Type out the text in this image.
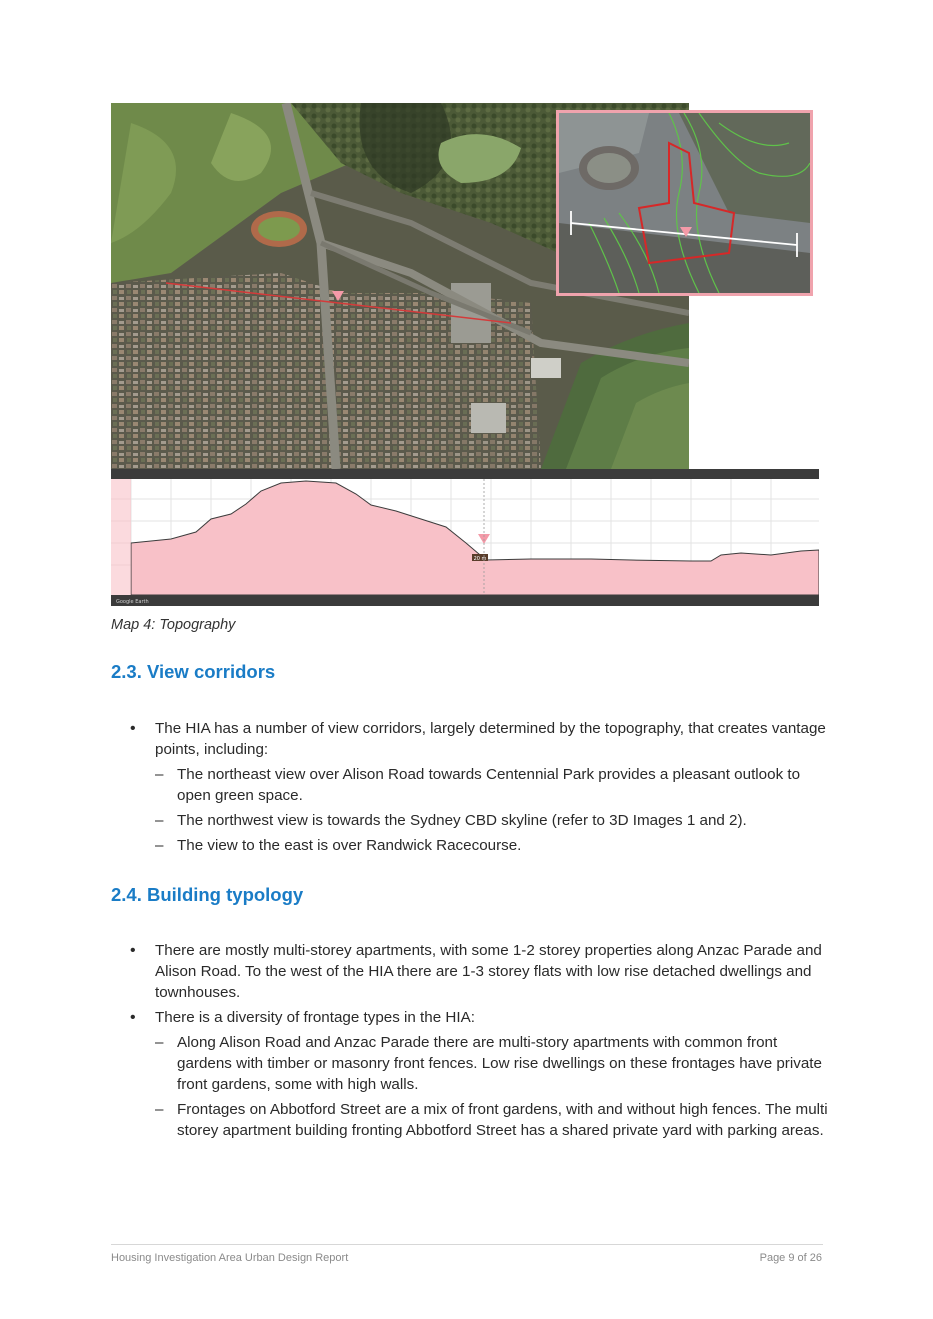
20 m
Google Earth
Map 4: Topography
2.3. View corridors
• The HIA has a number of view corridors, largely determined by the topography, that creates vantage points, including:
– The northeast view over Alison Road towards Centennial Park provides a pleasant outlook to open green space.
– The northwest view is towards the Sydney CBD skyline (refer to 3D Images 1 and 2).
– The view to the east is over Randwick Racecourse.
2.4. Building typology
• There are mostly multi-storey apartments, with some 1-2 storey properties along Anzac Parade and Alison Road. To the west of the HIA there are 1-3 storey flats with low rise detached dwellings and townhouses.
• There is a diversity of frontage types in the HIA:
– Along Alison Road and Anzac Parade there are multi-story apartments with common front gardens with timber or masonry front fences. Low rise dwellings on these frontages have private front gardens, some with high walls.
– Frontages on Abbotford Street are a mix of front gardens, with and without high fences. The multi storey apartment building fronting Abbotford Street has a shared private yard with parking areas.
Housing Investigation Area Urban Design Report	Page 9 of 26
